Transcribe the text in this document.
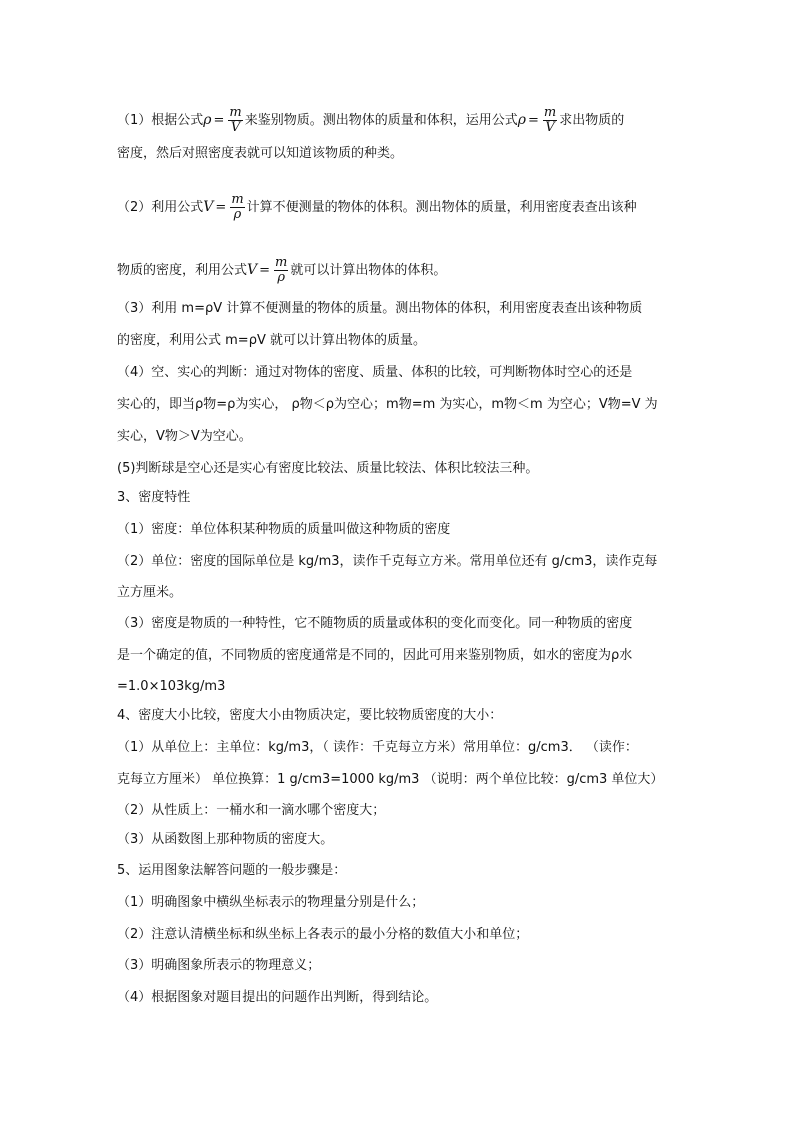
（1）根据公式$\rho = \frac{m}{V}$ 来鉴别物质。测出物体的质量和体积，运用公式$\rho = \frac{m}{V}$ 求出物质的
密度，然后对照密度表就可以知道该物质的种类。
（2）利用公式$V = \frac{m}{\rho}$ 计算不便测量的物体的体积。测出物体的质量，利用密度表查出该种
物质的密度，利用公式$V = \frac{m}{\rho}$ 就可以计算出物体的体积。
（3）利用 m=ρV 计算不便测量的物体的质量。测出物体的体积，利用密度表查出该种物质
的密度，利用公式 m=ρV 就可以计算出物体的质量。
（4）空、实心的判断：通过对物体的密度、质量、体积的比较，可判断物体时空心的还是
实心的，即当ρ物=ρ为实心， ρ物＜ρ为空心；m物=m 为实心，m物＜m 为空心；V物=V 为
实心，V物＞V为空心。
(5)判断球是空心还是实心有密度比较法、质量比较法、体积比较法三种。
3、密度特性
（1）密度：单位体积某种物质的质量叫做这种物质的密度
（2）单位：密度的国际单位是 kg/m3，读作千克每立方米。常用单位还有 g/cm3，读作克每
立方厘米。
（3）密度是物质的一种特性，它不随物质的质量或体积的变化而变化。同一种物质的密度
是一个确定的值，不同物质的密度通常是不同的，因此可用来鉴别物质，如水的密度为ρ水
=1.0×103kg/m3
4、密度大小比较，密度大小由物质决定，要比较物质密度的大小：
（1）从单位上：主单位：kg/m3，（ 读作：千克每立方米）常用单位：g/cm3． （读作：
克每立方厘米） 单位换算：1 g/cm3=1000 kg/m3 （说明：两个单位比较：g/cm3 单位大）
（2）从性质上：一桶水和一滴水哪个密度大；
（3）从函数图上那种物质的密度大。
5、运用图象法解答问题的一般步骤是：
（1）明确图象中横纵坐标表示的物理量分别是什么；
（2）注意认清横坐标和纵坐标上各表示的最小分格的数值大小和单位；
（3）明确图象所表示的物理意义；
（4）根据图象对题目提出的问题作出判断，得到结论。
